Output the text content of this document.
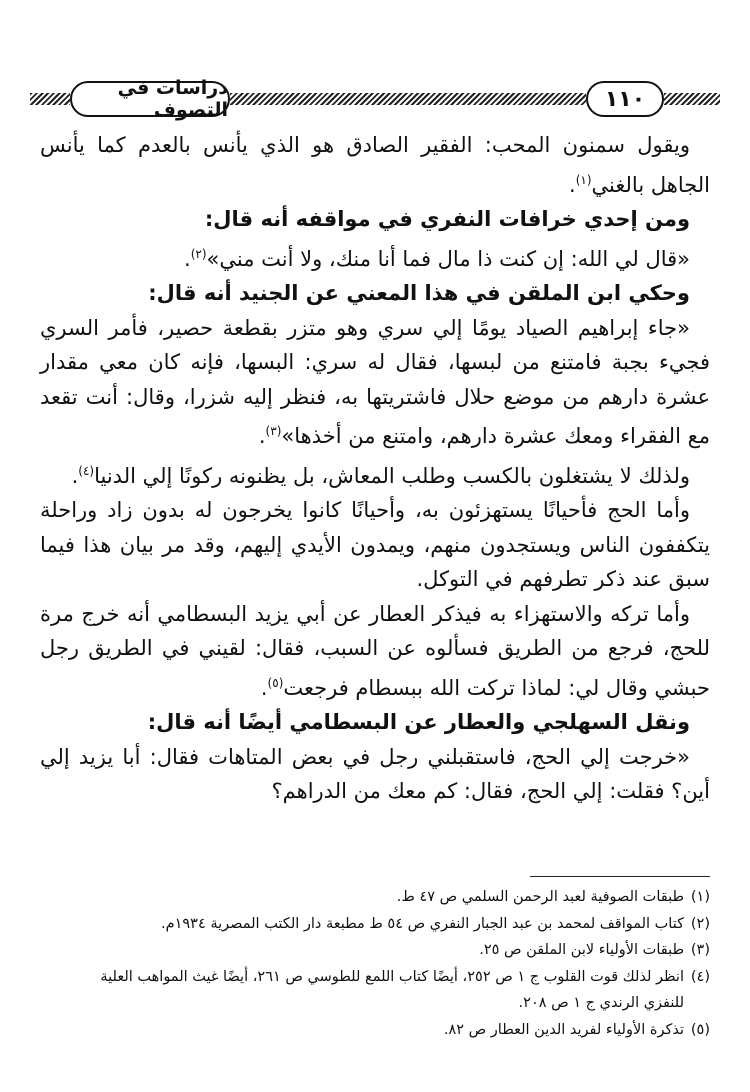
دراسات في التصوف	١١٠

ويقول سمنون المحب: الفقير الصادق هو الذي يأنس بالعدم كما يأنس الجاهل بالغني$^{(١)}$.

ومن إحدي خرافات النفري في مواقفه أنه قال:

«قال لي الله: إن كنت ذا مال فما أنا منك، ولا أنت مني»$^{(٢)}$.

وحكي ابن الملقن في هذا المعني عن الجنيد أنه قال:

«جاء إبراهيم الصياد يومًا إلي سري وهو متزر بقطعة حصير، فأمر السري فجيء بجبة فامتنع من لبسها، فقال له سري: البسها، فإنه كان معي مقدار عشرة دارهم من موضع حلال فاشتريتها به، فنظر إليه شزرا، وقال: أنت تقعد مع الفقراء ومعك عشرة دارهم، وامتنع من أخذها»$^{(٣)}$.

ولذلك لا يشتغلون بالكسب وطلب المعاش، بل يظنونه ركونًا إلي الدنيا$^{(٤)}$.

وأما الحج فأحيانًا يستهزئون به، وأحيانًا كانوا يخرجون له بدون زاد وراحلة يتكففون الناس ويستجدون منهم، ويمدون الأيدي إليهم، وقد مر بيان هذا فيما سبق عند ذكر تطرفهم في التوكل.

وأما تركه والاستهزاء به فيذكر العطار عن أبي يزيد البسطامي أنه خرج مرة للحج، فرجع من الطريق فسألوه عن السبب، فقال: لقيني في الطريق رجل حبشي وقال لي: لماذا تركت الله ببسطام فرجعت$^{(٥)}$.

ونقل السهلجي والعطار عن البسطامي أيضًا أنه قال:

«خرجت إلي الحج، فاستقبلني رجل في بعض المتاهات فقال: أبا يزيد إلي أين؟ فقلت: إلي الحج، فقال: كم معك من الدراهم؟

(١)طبقات الصوفية لعبد الرحمن السلمي ص ٤٧ ط.

(٢)كتاب المواقف لمحمد بن عبد الجبار النفري ص ٥٤ ط مطبعة دار الكتب المصرية ١٩٣٤م.

(٣)طبقات الأولياء لابن الملقن ص ٢٥.

(٤)انظر لذلك قوت القلوب ج ١ ص ٢٥٢، أيضًا كتاب اللمع للطوسي ص ٢٦١، أيضًا غيث المواهب العلية

للنفزي الرندي ج ١ ص ٢٠٨.

(٥)تذكرة الأولياء لفريد الدين العطار ص ٨٢.
